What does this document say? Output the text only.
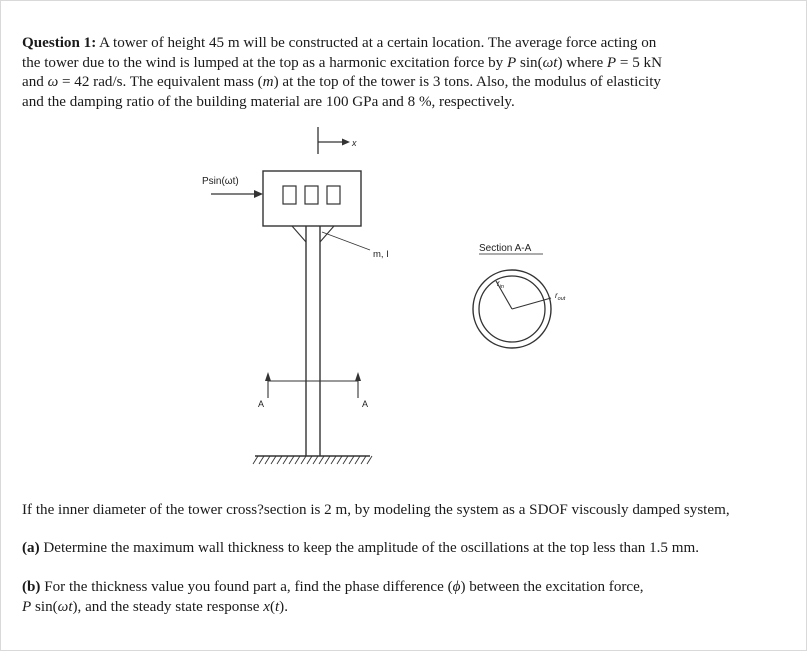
Question 1: A tower of height 45 m will be constructed at a certain location. The average force acting on
the tower due to the wind is lumped at the top as a harmonic excitation force by P sin(ωt) where P = 5 kN
and ω = 42 rad/s. The equivalent mass (m) at the top of the tower is 3 tons. Also, the modulus of elasticity
and the damping ratio of the building material are 100 GPa and 8 %, respectively.

x
Psin(ωt)
m, I
A	A
Section A-A
$r_{in}$
$r_{out}$

If the inner diameter of the tower cross?section is 2 m, by modeling the system as a SDOF viscously damped system,

(a) Determine the maximum wall thickness to keep the amplitude of the oscillations at the top less than 1.5 mm.

(b) For the thickness value you found part a, find the phase difference (ϕ) between the excitation force,
P sin(ωt), and the steady state response x(t).
